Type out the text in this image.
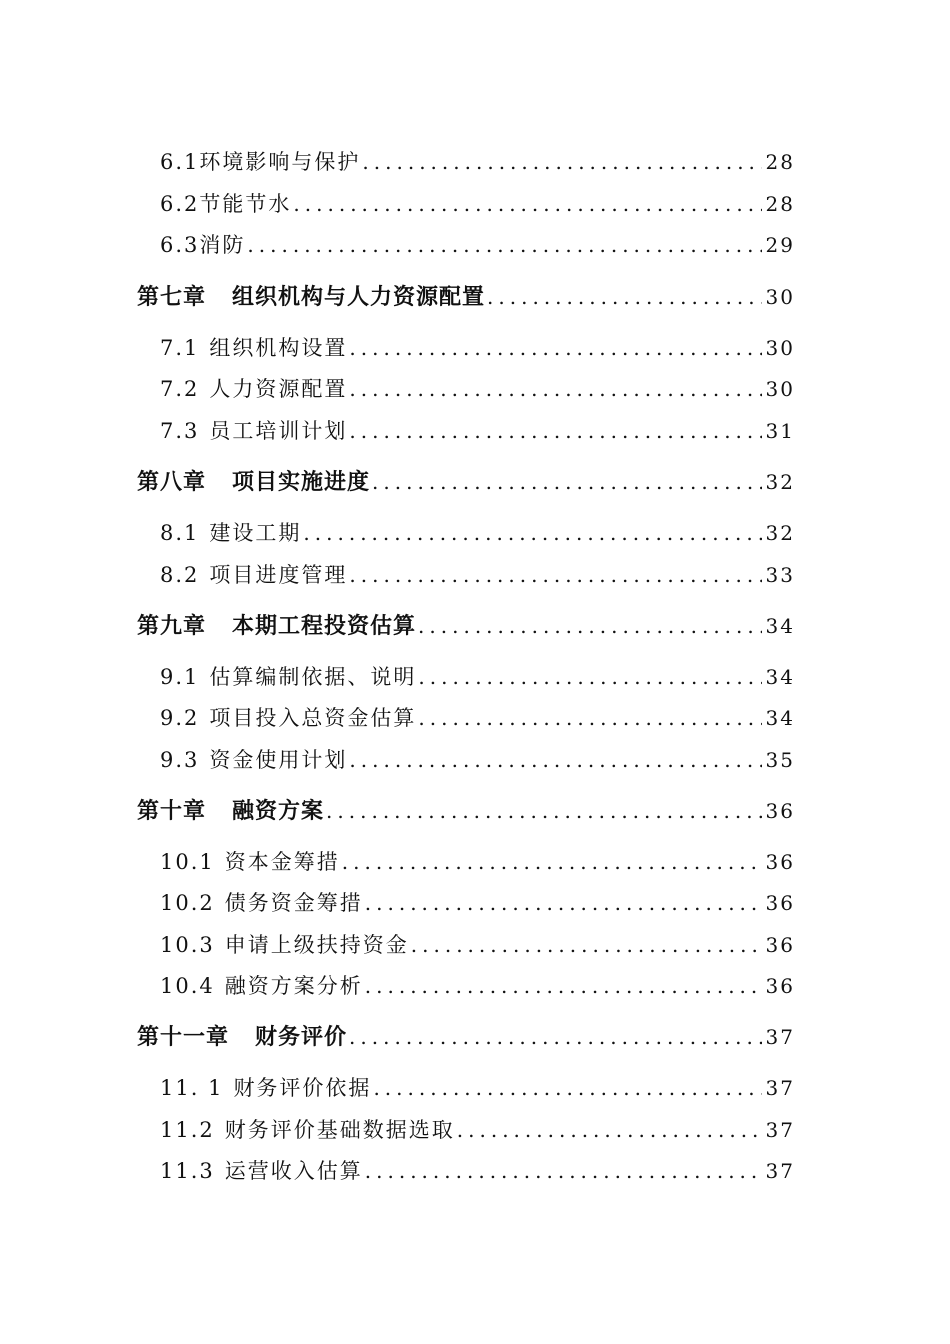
6.1 环境影响与保护 .....	28
6.2 节能节水 .....	28
6.3 消防 .....	29
第七章 组织机构与人力资源配置 .....	30
7.1 组织机构设置 .....	30
7.2 人力资源配置 .....	30
7.3 员工培训计划 .....	31
第八章 项目实施进度 .....	32
8.1 建设工期 .....	32
8.2 项目进度管理 .....	33
第九章 本期工程投资估算 .....	34
9.1 估算编制依据、说明 .....	34
9.2 项目投入总资金估算 .....	34
9.3 资金使用计划 .....	35
第十章 融资方案 .....	36
10.1 资本金筹措 .....	36
10.2 债务资金筹措 .....	36
10.3 申请上级扶持资金 .....	36
10.4 融资方案分析 .....	36
第十一章 财务评价 .....	37
11. 1 财务评价依据 .....	37
11.2 财务评价基础数据选取 .....	37
11.3 运营收入估算 .....	37
